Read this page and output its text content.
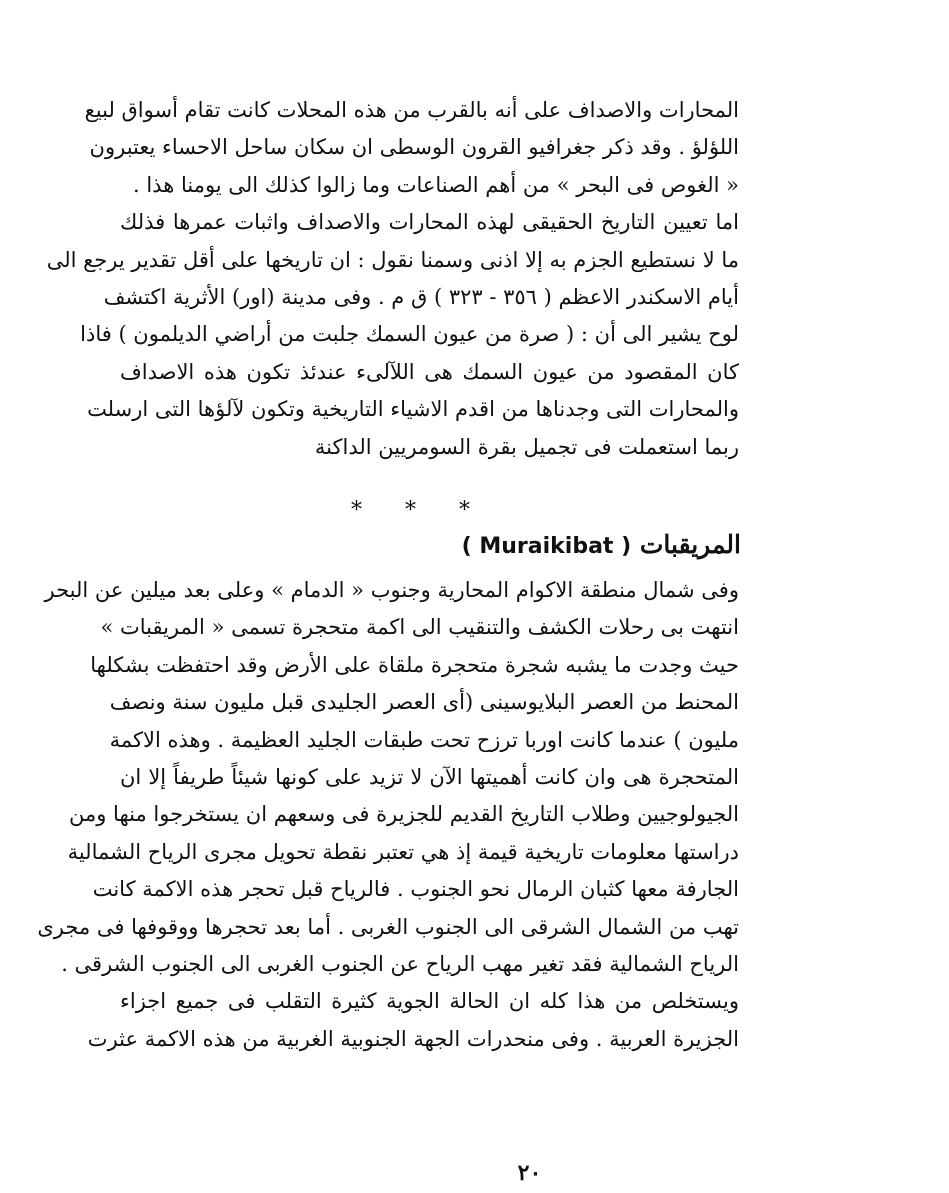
المحارات والاصداف على أنه بالقرب من هذه المحلات كانت تقام أسواق لبيع
اللؤلؤ . وقد ذكر جغرافيو القرون الوسطى ان سكان ساحل الاحساء يعتبرون
« الغوص فى البحر » من أهم الصناعات وما زالوا كذلك الى يومنا هذا .
اما تعيين التاريخ الحقيقى لهذه المحارات والاصداف واثبات عمرها فذلك
ما لا نستطيع الجزم به إلا اذنى وسمنا نقول : ان تاريخها على أقل تقدير يرجع الى
أيام الاسكندر الاعظم ( ٣٥٦ - ٣٢٣ ) ق م . وفى مدينة (اور) الأثرية اكتشف
لوح يشير الى أن : ( صرة من عيون السمك جلبت من أراضي الديلمون ) فاذا
كان المقصود من عيون السمك هى اللآلىء عندئذ تكون هذه الاصداف
والمحارات التى وجدناها من اقدم الاشياء التاريخية وتكون لآلؤها التى ارسلت
ربما استعملت فى تجميل بقرة السومريين الداكنة
* * *
المريقبات ( Muraikibat )
وفى شمال منطقة الاكوام المحارية وجنوب « الدمام » وعلى بعد ميلين عن البحر
انتهت بى رحلات الكشف والتنقيب الى اكمة متحجرة تسمى « المريقبات »
حيث وجدت ما يشبه شجرة متحجرة ملقاة على الأرض وقد احتفظت بشكلها
المحنط من العصر البلايوسينى (أى العصر الجليدى قبل مليون سنة ونصف
مليون ) عندما كانت اوربا ترزح تحت طبقات الجليد العظيمة . وهذه الاكمة
المتحجرة هى وان كانت أهميتها الآن لا تزيد على كونها شيئاً طريفاً إلا ان
الجيولوجيين وطلاب التاريخ القديم للجزيرة فى وسعهم ان يستخرجوا منها ومن
دراستها معلومات تاريخية قيمة إذ هي تعتبر نقطة تحويل مجرى الرياح الشمالية
الجارفة معها كثبان الرمال نحو الجنوب . فالرياح قبل تحجر هذه الاكمة كانت
تهب من الشمال الشرقى الى الجنوب الغربى . أما بعد تحجرها ووقوفها فى مجرى
الرياح الشمالية فقد تغير مهب الرياح عن الجنوب الغربى الى الجنوب الشرقى .
ويستخلص من هذا كله ان الحالة الجوية كثيرة التقلب فى جميع اجزاء
الجزيرة العربية . وفى منحدرات الجهة الجنوبية الغربية من هذه الاكمة عثرت
٢٠
